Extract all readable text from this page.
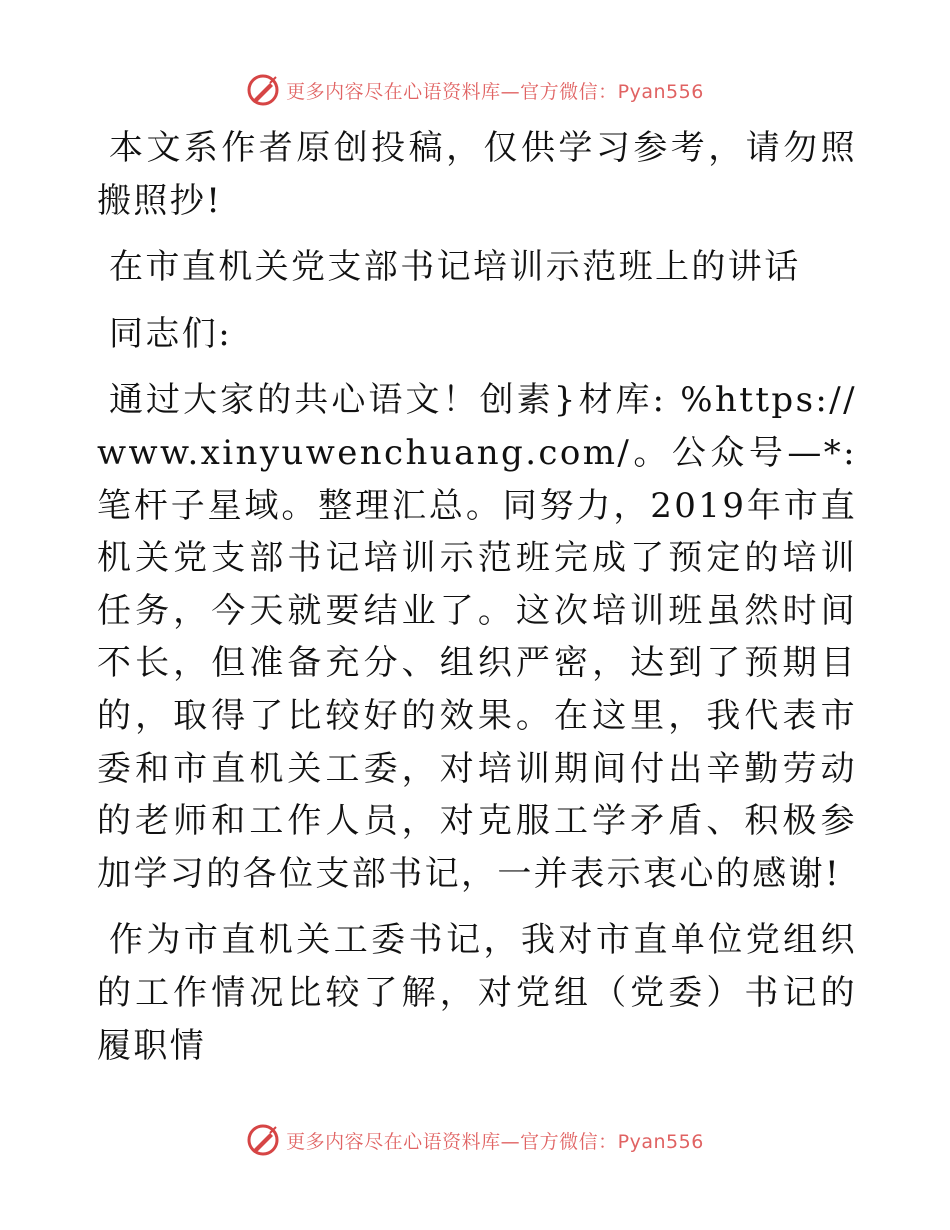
更多内容尽在心语资料库—官方微信：Pyan556

本文系作者原创投稿，仅供学习参考，请勿照搬照抄!

在市直机关党支部书记培训示范班上的讲话

同志们:

通过大家的共心语文！创素}材库: %https://www.xinyuwenchuang.com/。公众号—*: 笔杆子星域。整理汇总。同努力，2019年市直机关党支部书记培训示范班完成了预定的培训任务，今天就要结业了。这次培训班虽然时间不长，但准备充分、组织严密，达到了预期目的，取得了比较好的效果。在这里，我代表市委和市直机关工委，对培训期间付出辛勤劳动的老师和工作人员，对克服工学矛盾、积极参加学习的各位支部书记，一并表示衷心的感谢!

作为市直机关工委书记，我对市直单位党组织的工作情况比较了解，对党组（党委）书记的履职情

更多内容尽在心语资料库—官方微信：Pyan556
